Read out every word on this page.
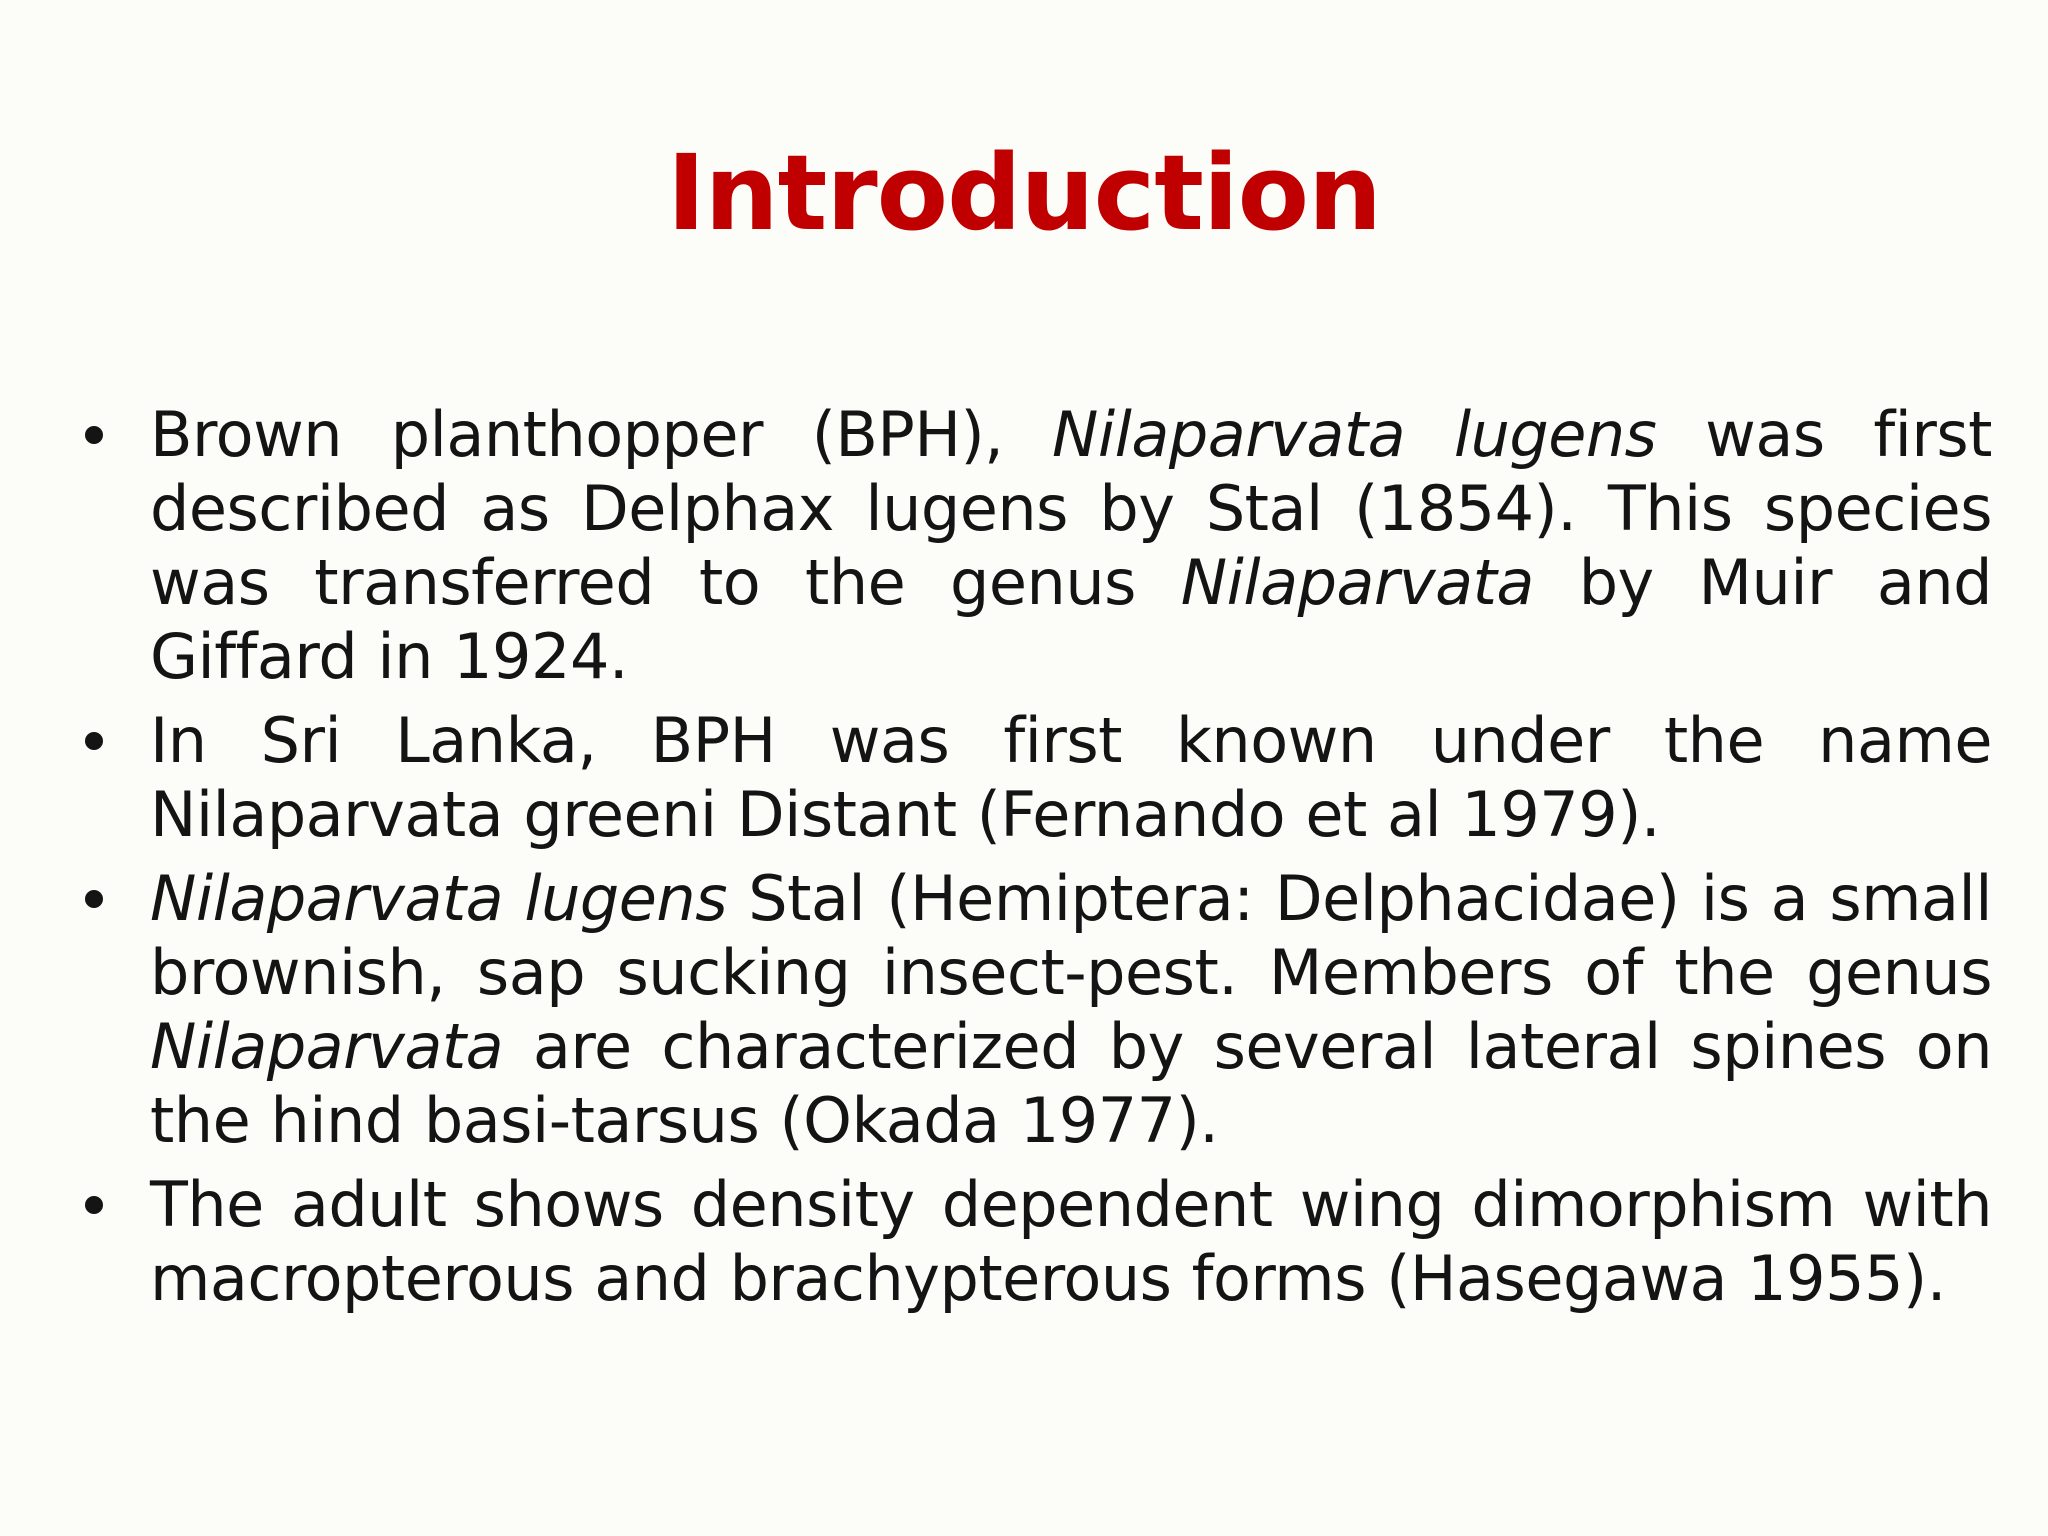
Introduction
Brown planthopper (BPH), Nilaparvata lugens was first described as Delphax lugens by Stal (1854). This species was transferred to the genus Nilaparvata by Muir and Giffard in 1924.
In Sri Lanka, BPH was first known under the name Nilaparvata greeni Distant (Fernando et al 1979).
Nilaparvata lugens Stal (Hemiptera: Delphacidae) is a small brownish, sap sucking insect-pest. Members of the genus Nilaparvata are characterized by several lateral spines on the hind basi-tarsus (Okada 1977).
The adult shows density dependent wing dimorphism with macropterous and brachypterous forms (Hasegawa 1955).
